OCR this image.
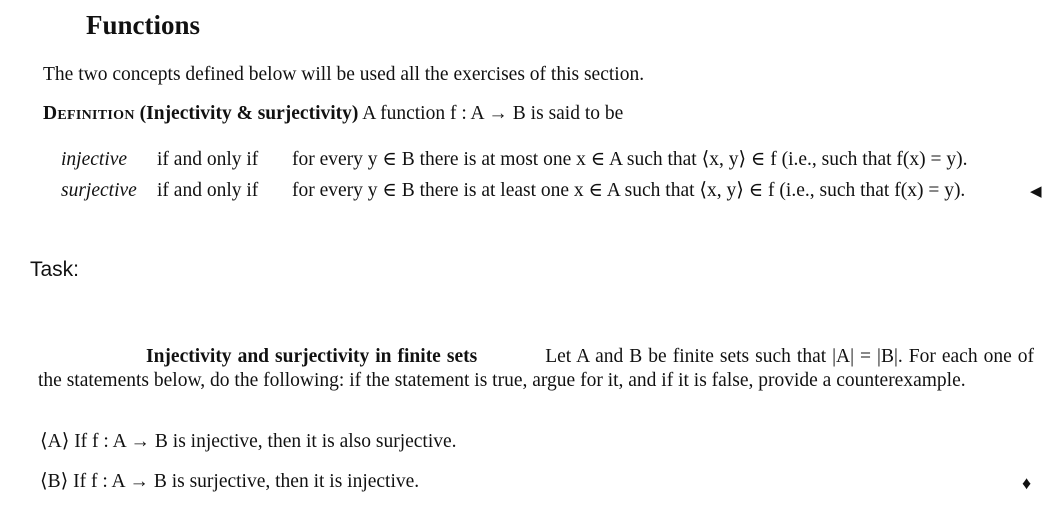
Functions
The two concepts defined below will be used all the exercises of this section.
Definition (Injectivity & surjectivity) A function f : A → B is said to be
injective if and only if for every y ∈ B there is at most one x ∈ A such that ⟨x, y⟩ ∈ f (i.e., such that f(x) = y).
surjective if and only if for every y ∈ B there is at least one x ∈ A such that ⟨x, y⟩ ∈ f (i.e., such that f(x) = y).	◀
Task:
Injectivity and surjectivity in finite sets	Let A and B be finite sets such that |A| = |B|. For each one of the statements below, do the following: if the statement is true, argue for it, and if it is false, provide a counterexample.
⟨A⟩ If f : A → B is injective, then it is also surjective.
⟨B⟩ If f : A → B is surjective, then it is injective.	♦
